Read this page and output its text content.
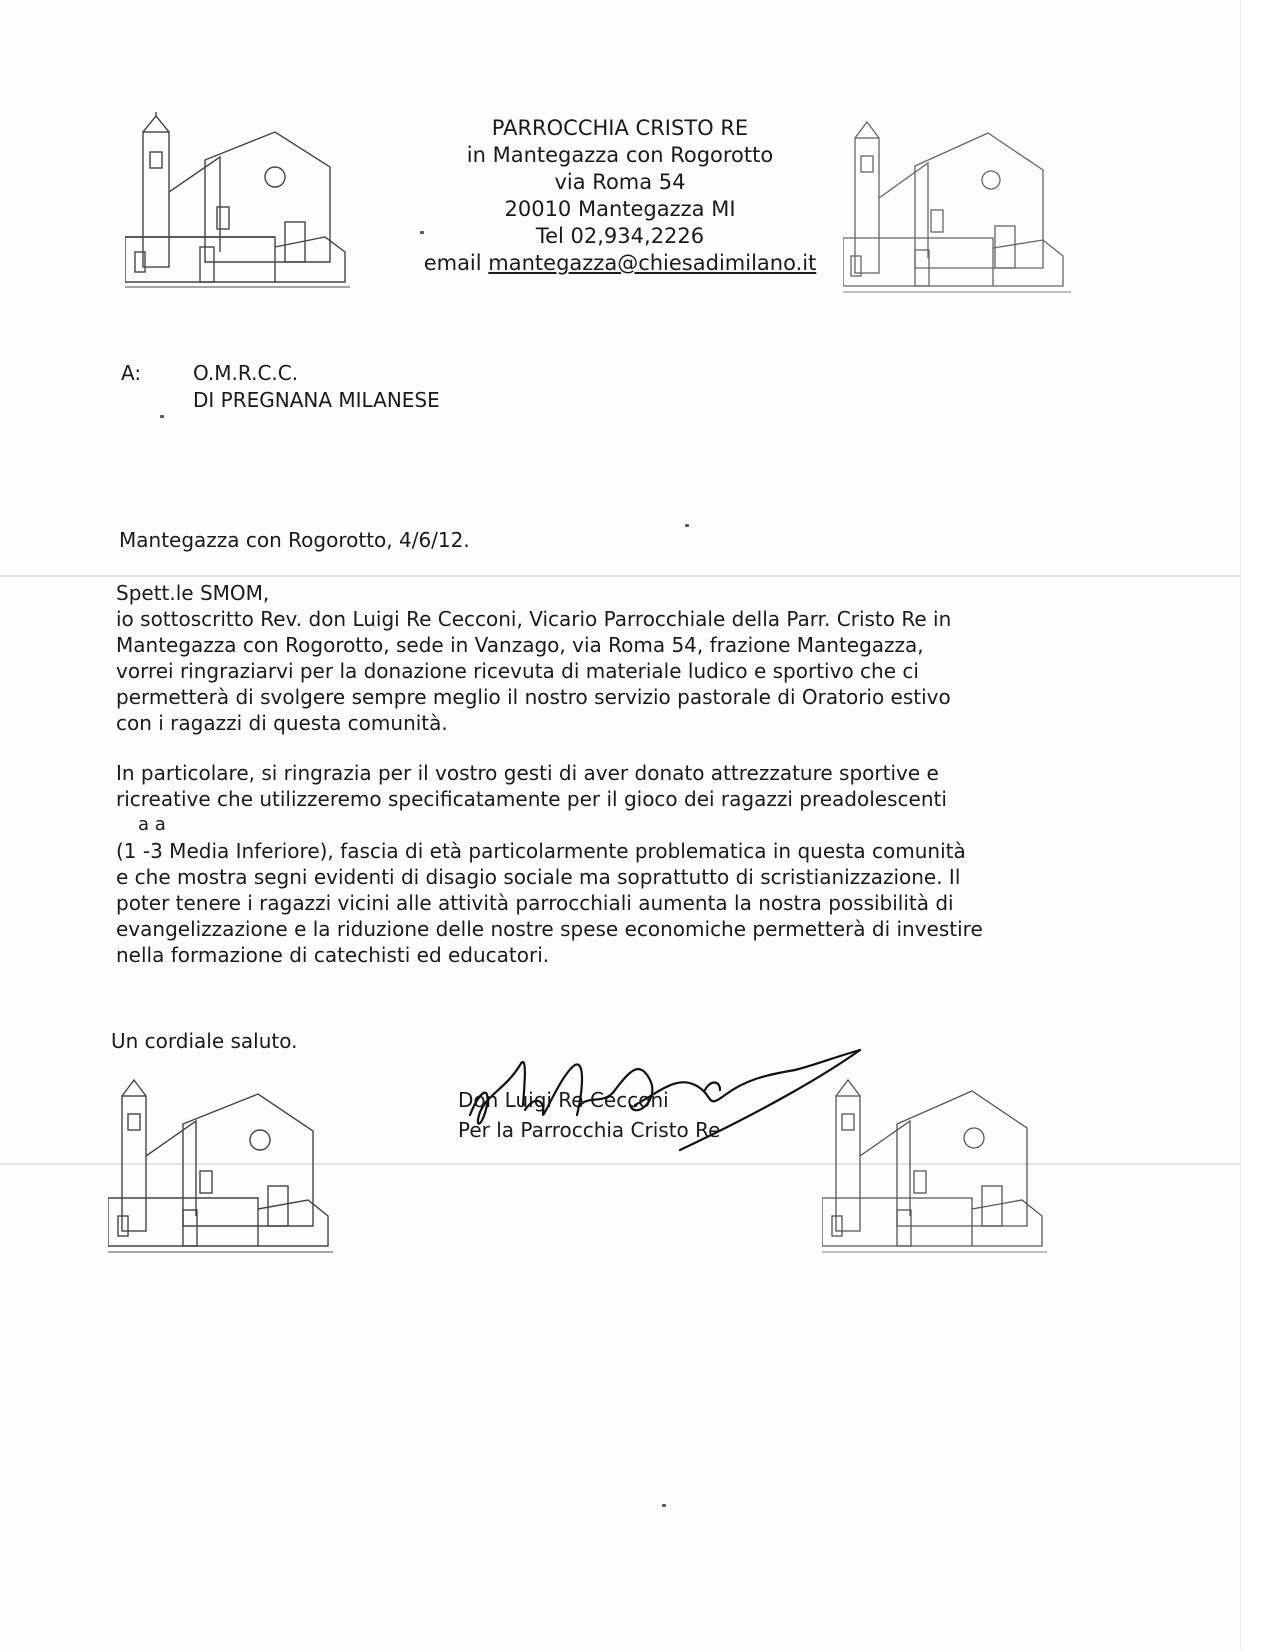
PARROCCHIA CRISTO RE
in Mantegazza con Rogorotto
via Roma 54
20010 Mantegazza MI
Tel 02,934,2226
email mantegazza@chiesadimilano.it
A:	O.M.R.C.C.
DI PREGNANA MILANESE
Mantegazza con Rogorotto, 4/6/12.

Spett.le SMOM,

io sottoscritto Rev. don Luigi Re Cecconi, Vicario Parrocchiale della Parr. Cristo Re in

Mantegazza con Rogorotto, sede in Vanzago, via Roma 54, frazione Mantegazza,

vorrei ringraziarvi per la donazione ricevuta di materiale ludico e sportivo che ci

permetterà di svolgere sempre meglio il nostro servizio pastorale di Oratorio estivo

con i ragazzi di questa comunità.

In particolare, si ringrazia per il vostro gesti di aver donato attrezzature sportive e

ricreative che utilizzeremo specificatamente per il gioco dei ragazzi preadolescenti

a a

(1 -3 Media Inferiore), fascia di età particolarmente problematica in questa comunità

e che mostra segni evidenti di disagio sociale ma soprattutto di scristianizzazione. Il

poter tenere i ragazzi vicini alle attività parrocchiali aumenta la nostra possibilità di

evangelizzazione e la riduzione delle nostre spese economiche permetterà di investire

nella formazione di catechisti ed educatori.

Un cordiale saluto.
Don Luigi Re Cecconi
Per la Parrocchia Cristo Re
